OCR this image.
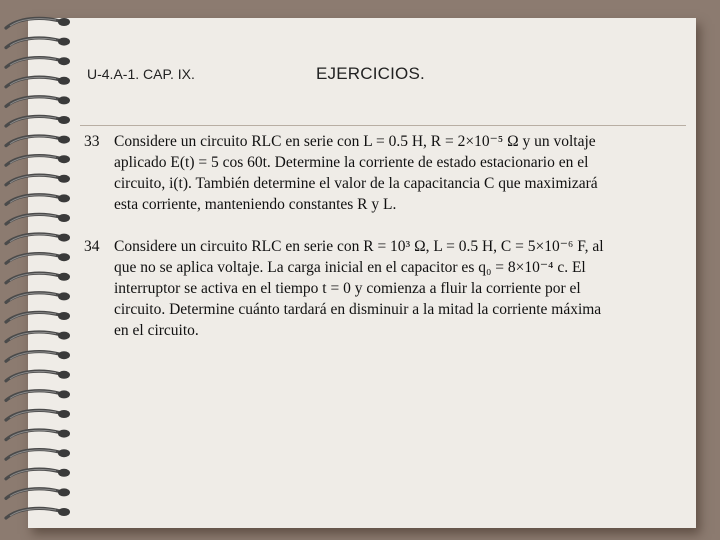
U-4.A-1. CAP. IX.	EJERCICIOS.
33 Considere un circuito RLC en serie con L = 0.5 H, R = 2×10⁻⁵ Ω y un voltaje
aplicado E(t) = 5 cos 60t. Determine la corriente de estado estacionario en el
circuito, i(t). También determine el valor de la capacitancia C que maximizará
esta corriente, manteniendo constantes R y L.
34 Considere un circuito RLC en serie con R = 10³ Ω, L = 0.5 H, C = 5×10⁻⁶ F, al
que no se aplica voltaje. La carga inicial en el capacitor es q₀ = 8×10⁻⁴ c. El
interruptor se activa en el tiempo t = 0 y comienza a fluir la corriente por el
circuito. Determine cuánto tardará en disminuir a la mitad la corriente máxima
en el circuito.
